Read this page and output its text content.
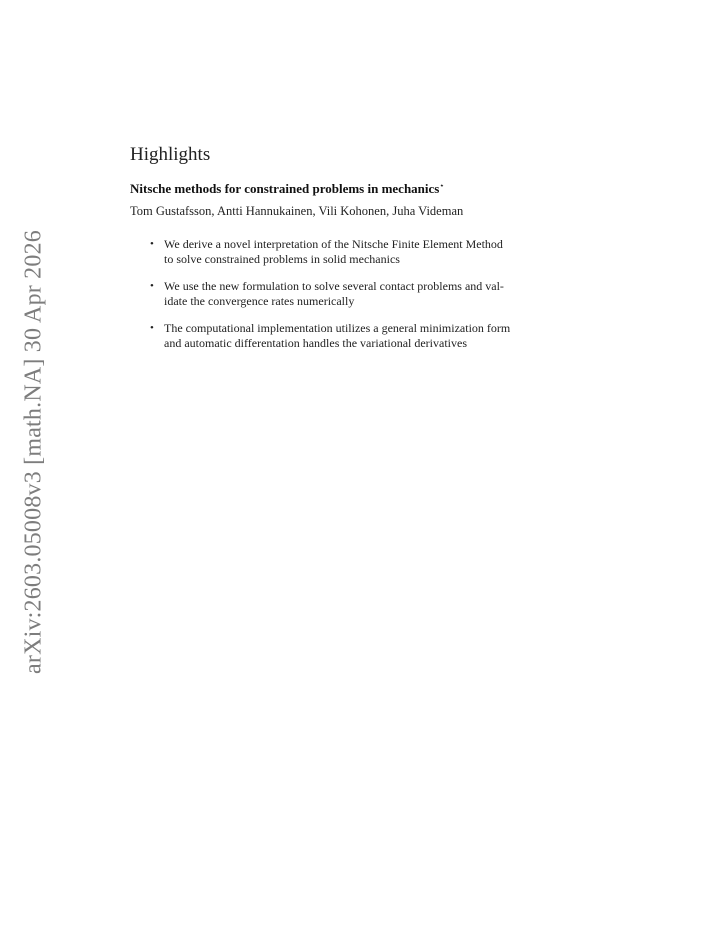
arXiv:2603.05008v3 [math.NA] 30 Apr 2026
Highlights
Nitsche methods for constrained problems in mechanics⋆
Tom Gustafsson, Antti Hannukainen, Vili Kohonen, Juha Videman
• We derive a novel interpretation of the Nitsche Finite Element Method
to solve constrained problems in solid mechanics
• We use the new formulation to solve several contact problems and val-
idate the convergence rates numerically
• The computational implementation utilizes a general minimization form
and automatic differentation handles the variational derivatives
